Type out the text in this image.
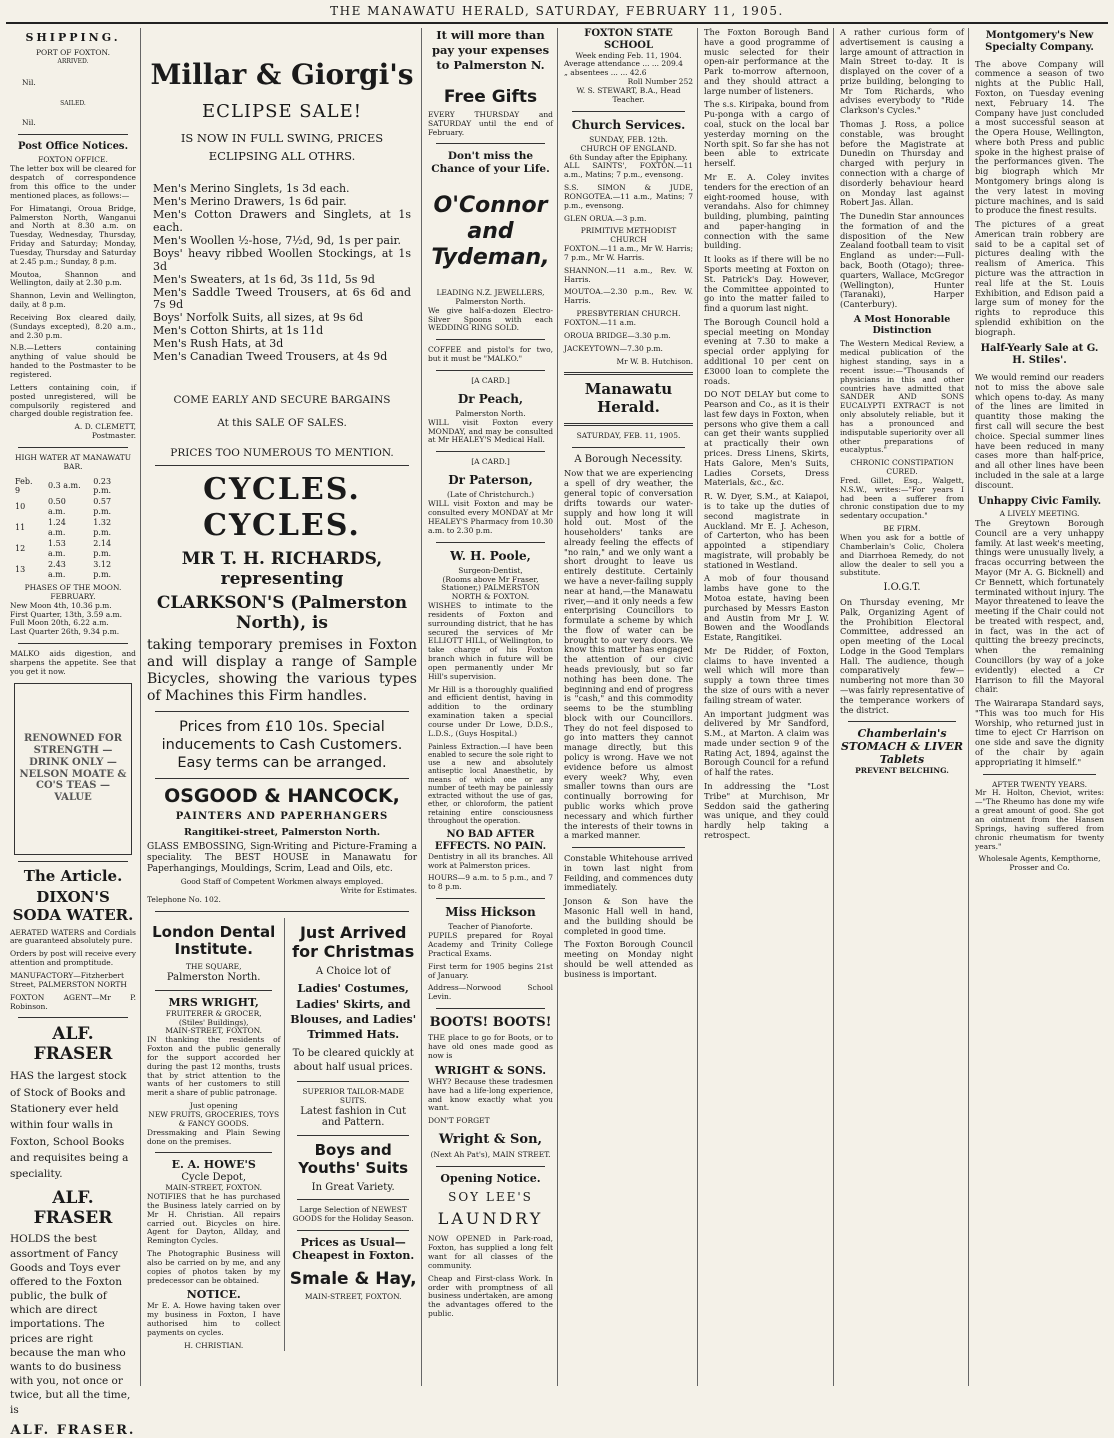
THE MANAWATU HERALD, SATURDAY, FEBRUARY 11, 1905.
SHIPPING.
PORT OF FOXTON.
ARRIVED.
Nil.
SAILED.
Nil.
Post Office Notices.
FOXTON OFFICE.

The letter box will be cleared for despatch of correspondence from this office to the under mentioned places, as follows:—

For Himatangi, Oroua Bridge, Palmerston North, Wanganui and North at 8.30 a.m. on Tuesday, Wednesday, Thursday, Friday and Saturday; Monday, Tuesday, Thursday and Saturday at 2.45 p.m.; Sunday, 8 p.m.

Moutoa, Shannon and Wellington, daily at 2.30 p.m.

Shannon, Levin and Wellington, daily, at 8 p.m.

Receiving Box cleared daily, (Sundays excepted), 8.20 a.m., and 2.30 p.m.

N.B.—Letters containing anything of value should be handed to the Postmaster to be registered.

Letters containing coin, if posted unregistered, will be compulsorily registered and charged double registration fee.

A. D. CLEMETT,
Postmaster.
HIGH WATER AT MANAWATU BAR.
Feb. 9	0.3 a.m.	0.23 p.m.
10	0.50 a.m.	0.57 p.m.
11	1.24 a.m.	1.32 p.m.
12	1.53 a.m.	2.14 p.m.
13	2.43 a.m.	3.12 p.m.
PHASES OF THE MOON.
FEBRUARY.
New Moon 4th, 10.36 p.m.
First Quarter, 13th, 3.59 a.m.
Full Moon 20th, 6.22 a.m.
Last Quarter 26th, 9.34 p.m.

MALKO aids digestion, and sharpens the appetite. See that you get it now.

RENOWNED FOR STRENGTH — DRINK ONLY — NELSON MOATE & CO'S TEAS — VALUE
The Article.
DIXON'S
SODA WATER.

AERATED WATERS and Cordials are guaranteed absolutely pure.

Orders by post will receive every attention and promptitude.

MANUFACTORY—Fitzherbert Street, PALMERSTON NORTH

FOXTON AGENT—Mr P. Robinson.

ALF. FRASER

HAS the largest stock of Stock of Books and Stationery ever held within four walls in Foxton, School Books and requisites being a speciality.

ALF. FRASER

HOLDS the best assortment of Fancy Goods and Toys ever offered to the Foxton public, the bulk of which are direct importations. The prices are right because the man who wants to do business with you, not once or twice, but all the time, is

ALF. FRASER.
Millar & Giorgi's
ECLIPSE SALE!
IS NOW IN FULL SWING, PRICES ECLIPSING ALL OTHRS.

Men's Merino Singlets, 1s 3d each.

Men's Merino Drawers, 1s 6d pair.

Men's Cotton Drawers and Singlets, at 1s each.

Men's Woollen ½-hose, 7½d, 9d, 1s per pair.

Boys' heavy ribbed Woollen Stockings, at 1s 3d

Men's Sweaters, at 1s 6d, 3s 11d, 5s 9d

Men's Saddle Tweed Trousers, at 6s 6d and 7s 9d

Boys' Norfolk Suits, all sizes, at 9s 6d

Men's Cotton Shirts, at 1s 11d

Men's Rush Hats, at 3d

Men's Canadian Tweed Trousers, at 4s 9d

COME EARLY AND SECURE BARGAINS
At this SALE OF SALES.
PRICES TOO NUMEROUS TO MENTION.
CYCLES. CYCLES.
MR T. H. RICHARDS, representing
CLARKSON'S (Palmerston North), is

taking temporary premises in Foxton and will display a range of Sample Bicycles, showing the various types of Machines this Firm handles.

Prices from £10 10s. Special inducements to Cash Customers. Easy terms can be arranged.

OSGOOD & HANCOCK,
PAINTERS AND PAPERHANGERS
Rangitikei-street, Palmerston North.

GLASS EMBOSSING, Sign-Writing and Picture-Framing a speciality. The BEST HOUSE in Manawatu for Paperhangings, Mouldings, Scrim, Lead and Oils, etc.

Good Staff of Competent Workmen always employed.
Write for Estimates.
Telephone No. 102.
London Dental Institute.
THE SQUARE,
Palmerston North.
MRS WRIGHT,
FRUITERER & GROCER,
(Stiles' Buildings),
MAIN-STREET, FOXTON.

IN thanking the residents of Foxton and the public generally for the support accorded her during the past 12 months, trusts that by strict attention to the wants of her customers to still merit a share of public patronage.

Just opening
NEW FRUITS, GROCERIES, TOYS & FANCY GOODS.

Dressmaking and Plain Sewing done on the premises.

E. A. HOWE'S
Cycle Depot,
MAIN-STREET, FOXTON.

NOTIFIES that he has purchased the Business lately carried on by Mr H. Christian. All repairs carried out. Bicycles on hire. Agent for Dayton, Allday, and Remington Cycles.

The Photographic Business will also be carried on by me, and any copies of photos taken by my predecessor can be obtained.

NOTICE.

Mr E. A. Howe having taken over my business in Foxton, I have authorised him to collect payments on cycles.

H. CHRISTIAN.
Just Arrived for Christmas
A Choice lot of
Ladies' Costumes, Ladies' Skirts, and Blouses, and Ladies' Trimmed Hats.
To be cleared quickly at about half usual prices.
SUPERIOR TAILOR-MADE SUITS.
Latest fashion in Cut and Pattern.
Boys and Youths' Suits
In Great Variety.
Large Selection of NEWEST GOODS for the Holiday Season.
Prices as Usual— Cheapest in Foxton.
Smale & Hay,
MAIN-STREET, FOXTON.
It will more than pay your expenses to Palmerston N.
Free Gifts

EVERY THURSDAY and SATURDAY until the end of February.

Don't miss the Chance of your Life.
O'Connor and Tydeman,
LEADING N.Z. JEWELLERS,
Palmerston North.

We give half-a-dozen Electro-Silver Spoons with each WEDDING RING SOLD.

COFFEE and pistol's for two, but it must be "MALKO."

[A CARD.]
Dr Peach,
Palmerston North.

WILL visit Foxton every MONDAY, and may be consulted at Mr HEALEY'S Medical Hall.

[A CARD.]
Dr Paterson,
(Late of Christchurch.)

WILL visit Foxton and may be consulted every MONDAY at Mr HEALEY'S Pharmacy from 10.30 a.m. to 2.30 p.m.

W. H. Poole,
Surgeon-Dentist,
(Rooms above Mr Fraser, Stationer,) PALMERSTON NORTH & FOXTON.

WISHES to intimate to the residents of Foxton and surrounding district, that he has secured the services of Mr ELLIOTT HILL, of Wellington, to take charge of his Foxton branch which in future will be open permanently under Mr Hill's supervision.

Mr Hill is a thoroughly qualified and efficient dentist, having in addition to the ordinary examination taken a special course under Dr Lowe, D.D.S., L.D.S., (Guys Hospital.)

Painless Extraction.—I have been enabled to secure the sole right to use a new and absolutely antiseptic local Anaesthetic, by means of which one or any number of teeth may be painlessly extracted without the use of gas, ether, or chloroform, the patient retaining entire consciousness throughout the operation.

NO BAD AFTER EFFECTS. NO PAIN.

Dentistry in all its branches. All work at Palmerston prices.

HOURS—9 a.m. to 5 p.m., and 7 to 8 p.m.

Miss Hickson
Teacher of Pianoforte.

PUPILS prepared for Royal Academy and Trinity College Practical Exams.

First term for 1905 begins 21st of January.

Address—Norwood School Levin.

BOOTS! BOOTS!

THE place to go for Boots, or to have old ones made good as now is

WRIGHT & SONS.

WHY? Because these tradesmen have had a life-long experience, and know exactly what you want.

DON'T FORGET
Wright & Son,
(Next Ah Pat's), MAIN STREET.
Opening Notice.
SOY LEE'S
LAUNDRY

NOW OPENED in Park-road, Foxton, has supplied a long felt want for all classes of the community.

Cheap and First-class Work. In order with promptness of all business undertaken, are among the advantages offered to the public.

FOXTON STATE SCHOOL
Week ending Feb. 11, 1904.
Average attendance ... ... 209.4
„ absentees ... ... 42.6
Roll Number 252
W. S. STEWART, B.A., Head Teacher.
Church Services.
SUNDAY, FEB. 12th.
CHURCH OF ENGLAND.
6th Sunday after the Epiphany.

ALL SAINTS', FOXTON.—11 a.m., Matins; 7 p.m., evensong.

S.S. SIMON & JUDE, RONGOTEA.—11 a.m., Matins; 7 p.m., evensong.

GLEN ORUA.—3 p.m.

PRIMITIVE METHODIST CHURCH

FOXTON.—11 a.m., Mr W. Harris; 7 p.m., Mr W. Harris.

SHANNON.—11 a.m., Rev. W. Harris.

MOUTOA.—2.30 p.m., Rev. W. Harris.

PRESBYTERIAN CHURCH.

FOXTON.—11 a.m.

OROUA BRIDGE—3.30 p.m.

JACKEYTOWN—7.30 p.m.

Mr W. B. Hutchison.
Manawatu Herald.
SATURDAY, FEB. 11, 1905.
A Borough Necessity.

Now that we are experiencing a spell of dry weather, the general topic of conversation drifts towards our water-supply and how long it will hold out. Most of the householders' tanks are already feeling the effects of "no rain," and we only want a short drought to leave us entirely destitute. Certainly we have a never-failing supply near at hand,—the Manawatu river,—and it only needs a few enterprising Councillors to formulate a scheme by which the flow of water can be brought to our very doors. We know this matter has engaged the attention of our civic heads previously, but so far nothing has been done. The beginning and end of progress is "cash," and this commodity seems to be the stumbling block with our Councillors. They do not feel disposed to go into matters they cannot manage directly, but this policy is wrong. Have we not evidence before us almost every week? Why, even smaller towns than ours are continually borrowing for public works which prove necessary and which further the interests of their towns in a marked manner.

Constable Whitehouse arrived in town last night from Feilding, and commences duty immediately.

Jonson & Son have the Masonic Hall well in hand, and the building should be completed in good time.

The Foxton Borough Council meeting on Monday night should be well attended as business is important.

The Foxton Borough Band have a good programme of music selected for their open-air performance at the Park to-morrow afternoon, and they should attract a large number of listeners.

The s.s. Kiripaka, bound from Pu-ponga with a cargo of coal, stuck on the local bar yesterday morning on the North spit. So far she has not been able to extricate herself.

Mr E. A. Coley invites tenders for the erection of an eight-roomed house, with verandahs. Also for chimney building, plumbing, painting and paper-hanging in connection with the same building.

It looks as if there will be no Sports meeting at Foxton on St. Patrick's Day. However, the Committee appointed to go into the matter failed to find a quorum last night.

The Borough Council hold a special meeting on Monday evening at 7.30 to make a special order applying for additional 10 per cent on £3000 loan to complete the roads.

DO NOT DELAY but come to Pearson and Co., as it is their last few days in Foxton, when persons who give them a call can get their wants supplied at practically their own prices. Dress Linens, Skirts, Hats Galore, Men's Suits, Ladies Corsets, Dress Materials, &c., &c.

R. W. Dyer, S.M., at Kaiapoi, is to take up the duties of second magistrate in Auckland. Mr E. J. Acheson, of Carterton, who has been appointed a stipendiary magistrate, will probably be stationed in Westland.

A mob of four thousand lambs have gone to the Motoa estate, having been purchased by Messrs Easton and Austin from Mr J. W. Bowen and the Woodlands Estate, Rangitikei.

Mr De Ridder, of Foxton, claims to have invented a well which will more than supply a town three times the size of ours with a never failing stream of water.

An important judgment was delivered by Mr Sandford, S.M., at Marton. A claim was made under section 9 of the Rating Act, 1894, against the Borough Council for a refund of half the rates.

In addressing the "Lost Tribe" at Murchison, Mr Seddon said the gathering was unique, and they could hardly help taking a retrospect.

A rather curious form of advertisement is causing a large amount of attraction in Main Street to-day. It is displayed on the cover of a prize building, belonging to Mr Tom Richards, who advises everybody to "Ride Clarkson's Cycles."

Thomas J. Ross, a police constable, was brought before the Magistrate at Dunedin on Thursday and charged with perjury in connection with a charge of disorderly behaviour heard on Monday last against Robert Jas. Allan.

The Dunedin Star announces the formation of and the disposition of the New Zealand football team to visit England as under:—Full-back, Booth (Otago); three-quarters, Wallace, McGregor (Wellington), Hunter (Taranaki), Harper (Canterbury).

A Most Honorable Distinction

The Western Medical Review, a medical publication of the highest standing, says in a recent issue:—"Thousands of physicians in this and other countries have admitted that SANDER AND SONS EUCALYPTI EXTRACT is not only absolutely reliable, but it has a pronounced and indisputable superiority over all other preparations of eucalyptus."

CHRONIC CONSTIPATION CURED.

Fred. Gillet, Esq., Walgett, N.S.W., writes:—"For years I had been a sufferer from chronic constipation due to my sedentary occupation."

BE FIRM.

When you ask for a bottle of Chamberlain's Colic, Cholera and Diarrhoea Remedy, do not allow the dealer to sell you a substitute.

I.O.G.T.

On Thursday evening, Mr Palk, Organizing Agent of the Prohibition Electoral Committee, addressed an open meeting of the Local Lodge in the Good Templars Hall. The audience, though comparatively few—numbering not more than 30—was fairly representative of the temperance workers of the district.

Chamberlain's STOMACH & LIVER Tablets
PREVENT BELCHING.
Montgomery's New Specialty Company.

The above Company will commence a season of two nights at the Public Hall, Foxton, on Tuesday evening next, February 14. The Company have just concluded a most successful season at the Opera House, Wellington, where both Press and public spoke in the highest praise of the performances given. The big biograph which Mr Montgomery brings along is the very latest in moving picture machines, and is said to produce the finest results.

The pictures of a great American train robbery are said to be a capital set of pictures dealing with the realism of America. This picture was the attraction in real life at the St. Louis Exhibition, and Edison paid a large sum of money for the rights to reproduce this splendid exhibition on the biograph.

Half-Yearly Sale at G. H. Stiles'.

We would remind our readers not to miss the above sale which opens to-day. As many of the lines are limited in quantity those making the first call will secure the best choice. Special summer lines have been reduced in many cases more than half-price, and all other lines have been included in the sale at a large discount.

Unhappy Civic Family.
A LIVELY MEETING.

The Greytown Borough Council are a very unhappy family. At last week's meeting, things were unusually lively, a fracas occurring between the Mayor (Mr A. G. Bicknell) and Cr Bennett, which fortunately terminated without injury. The Mayor threatened to leave the meeting if the Chair could not be treated with respect, and, in fact, was in the act of quitting the breezy precincts, when the remaining Councillors (by way of a joke evidently) elected a Cr Harrison to fill the Mayoral chair.

The Wairarapa Standard says, "This was too much for His Worship, who returned just in time to eject Cr Harrison on one side and save the dignity of the chair by again appropriating it himself."

AFTER TWENTY YEARS.

Mr H. Holton, Cheviot, writes:—"The Rheumo has done my wife a great amount of good. She got an ointment from the Hansen Springs, having suffered from chronic rheumatism for twenty years."

Wholesale Agents, Kempthorne, Prosser and Co.
